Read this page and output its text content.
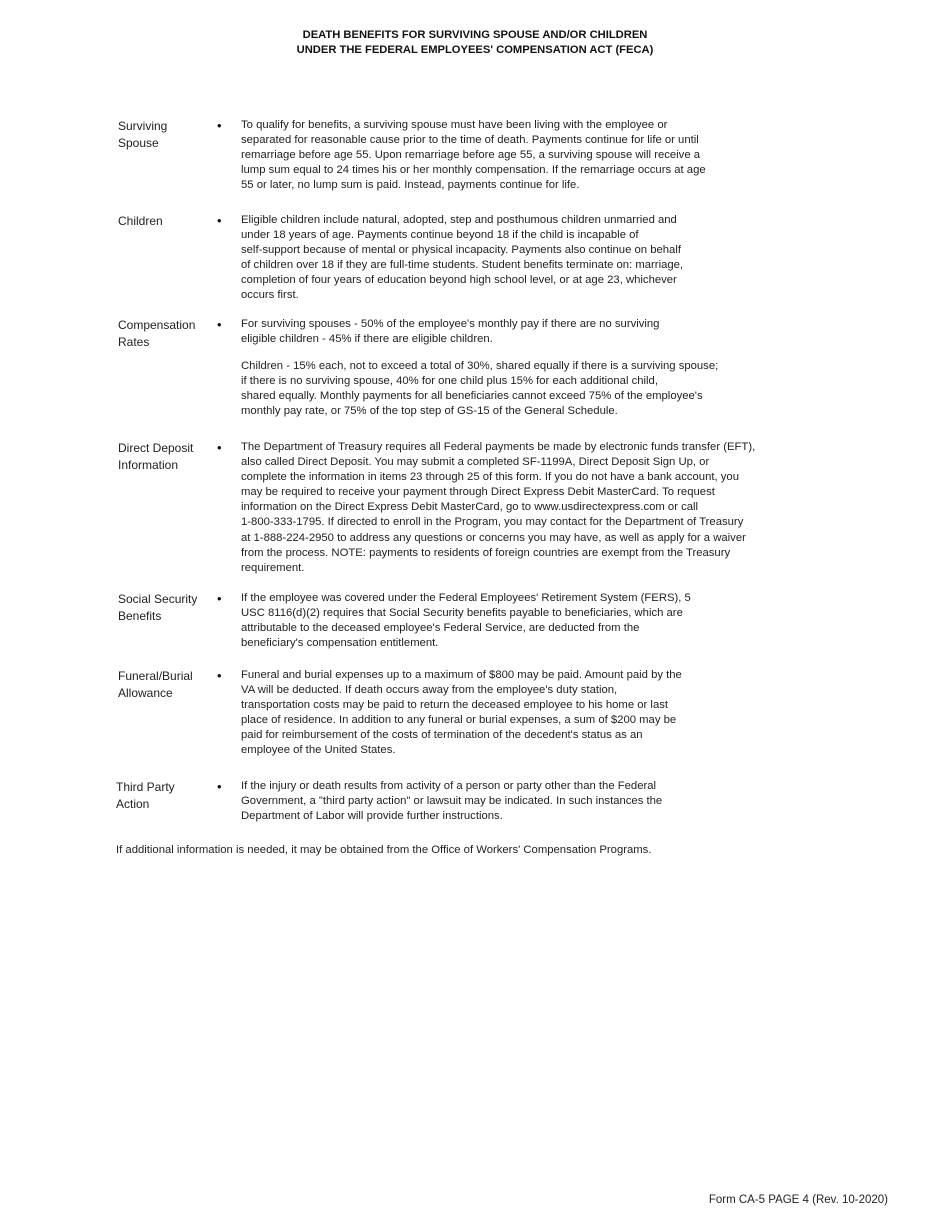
DEATH BENEFITS FOR SURVIVING SPOUSE AND/OR CHILDREN
UNDER THE FEDERAL EMPLOYEES' COMPENSATION ACT (FECA)
Surviving
Spouse
• To qualify for benefits, a surviving spouse must have been living with the employee or
separated for reasonable cause prior to the time of death. Payments continue for life or until
remarriage before age 55. Upon remarriage before age 55, a surviving spouse will receive a
lump sum equal to 24 times his or her monthly compensation. If the remarriage occurs at age
55 or later, no lump sum is paid. Instead, payments continue for life.

Children	• Eligible children include natural, adopted, step and posthumous children unmarried and
under 18 years of age. Payments continue beyond 18 if the child is incapable of
self-support because of mental or physical incapacity. Payments also continue on behalf
of children over 18 if they are full-time students. Student benefits terminate on: marriage,
completion of four years of education beyond high school level, or at age 23, whichever
occurs first.

Compensation
Rates
• For surviving spouses - 50% of the employee's monthly pay if there are no surviving
eligible children - 45% if there are eligible children.

Children - 15% each, not to exceed a total of 30%, shared equally if there is a surviving spouse;
if there is no surviving spouse, 40% for one child plus 15% for each additional child,
shared equally. Monthly payments for all beneficiaries cannot exceed 75% of the employee's
monthly pay rate, or 75% of the top step of GS-15 of the General Schedule.

Direct Deposit
Information
• The Department of Treasury requires all Federal payments be made by electronic funds transfer (EFT),
also called Direct Deposit. You may submit a completed SF-1199A, Direct Deposit Sign Up, or
complete the information in items 23 through 25 of this form. If you do not have a bank account, you
may be required to receive your payment through Direct Express Debit MasterCard. To request
information on the Direct Express Debit MasterCard, go to www.usdirectexpress.com or call
1-800-333-1795. If directed to enroll in the Program, you may contact for the Department of Treasury
at 1-888-224-2950 to address any questions or concerns you may have, as well as apply for a waiver
from the process. NOTE: payments to residents of foreign countries are exempt from the Treasury
requirement.

Social Security
Benefits
• If the employee was covered under the Federal Employees' Retirement System (FERS), 5
USC 8116(d)(2) requires that Social Security benefits payable to beneficiaries, which are
attributable to the deceased employee's Federal Service, are deducted from the
beneficiary's compensation entitlement.

Funeral/Burial
Allowance
• Funeral and burial expenses up to a maximum of $800 may be paid. Amount paid by the
VA will be deducted. If death occurs away from the employee's duty station,
transportation costs may be paid to return the deceased employee to his home or last
place of residence. In addition to any funeral or burial expenses, a sum of $200 may be
paid for reimbursement of the costs of termination of the decedent's status as an
employee of the United States.

Third Party
Action
• If the injury or death results from activity of a person or party other than the Federal
Government, a "third party action" or lawsuit may be indicated. In such instances the
Department of Labor will provide further instructions.

If additional information is needed, it may be obtained from the Office of Workers' Compensation Programs.
Form CA-5 PAGE 4 (Rev. 10-2020)
